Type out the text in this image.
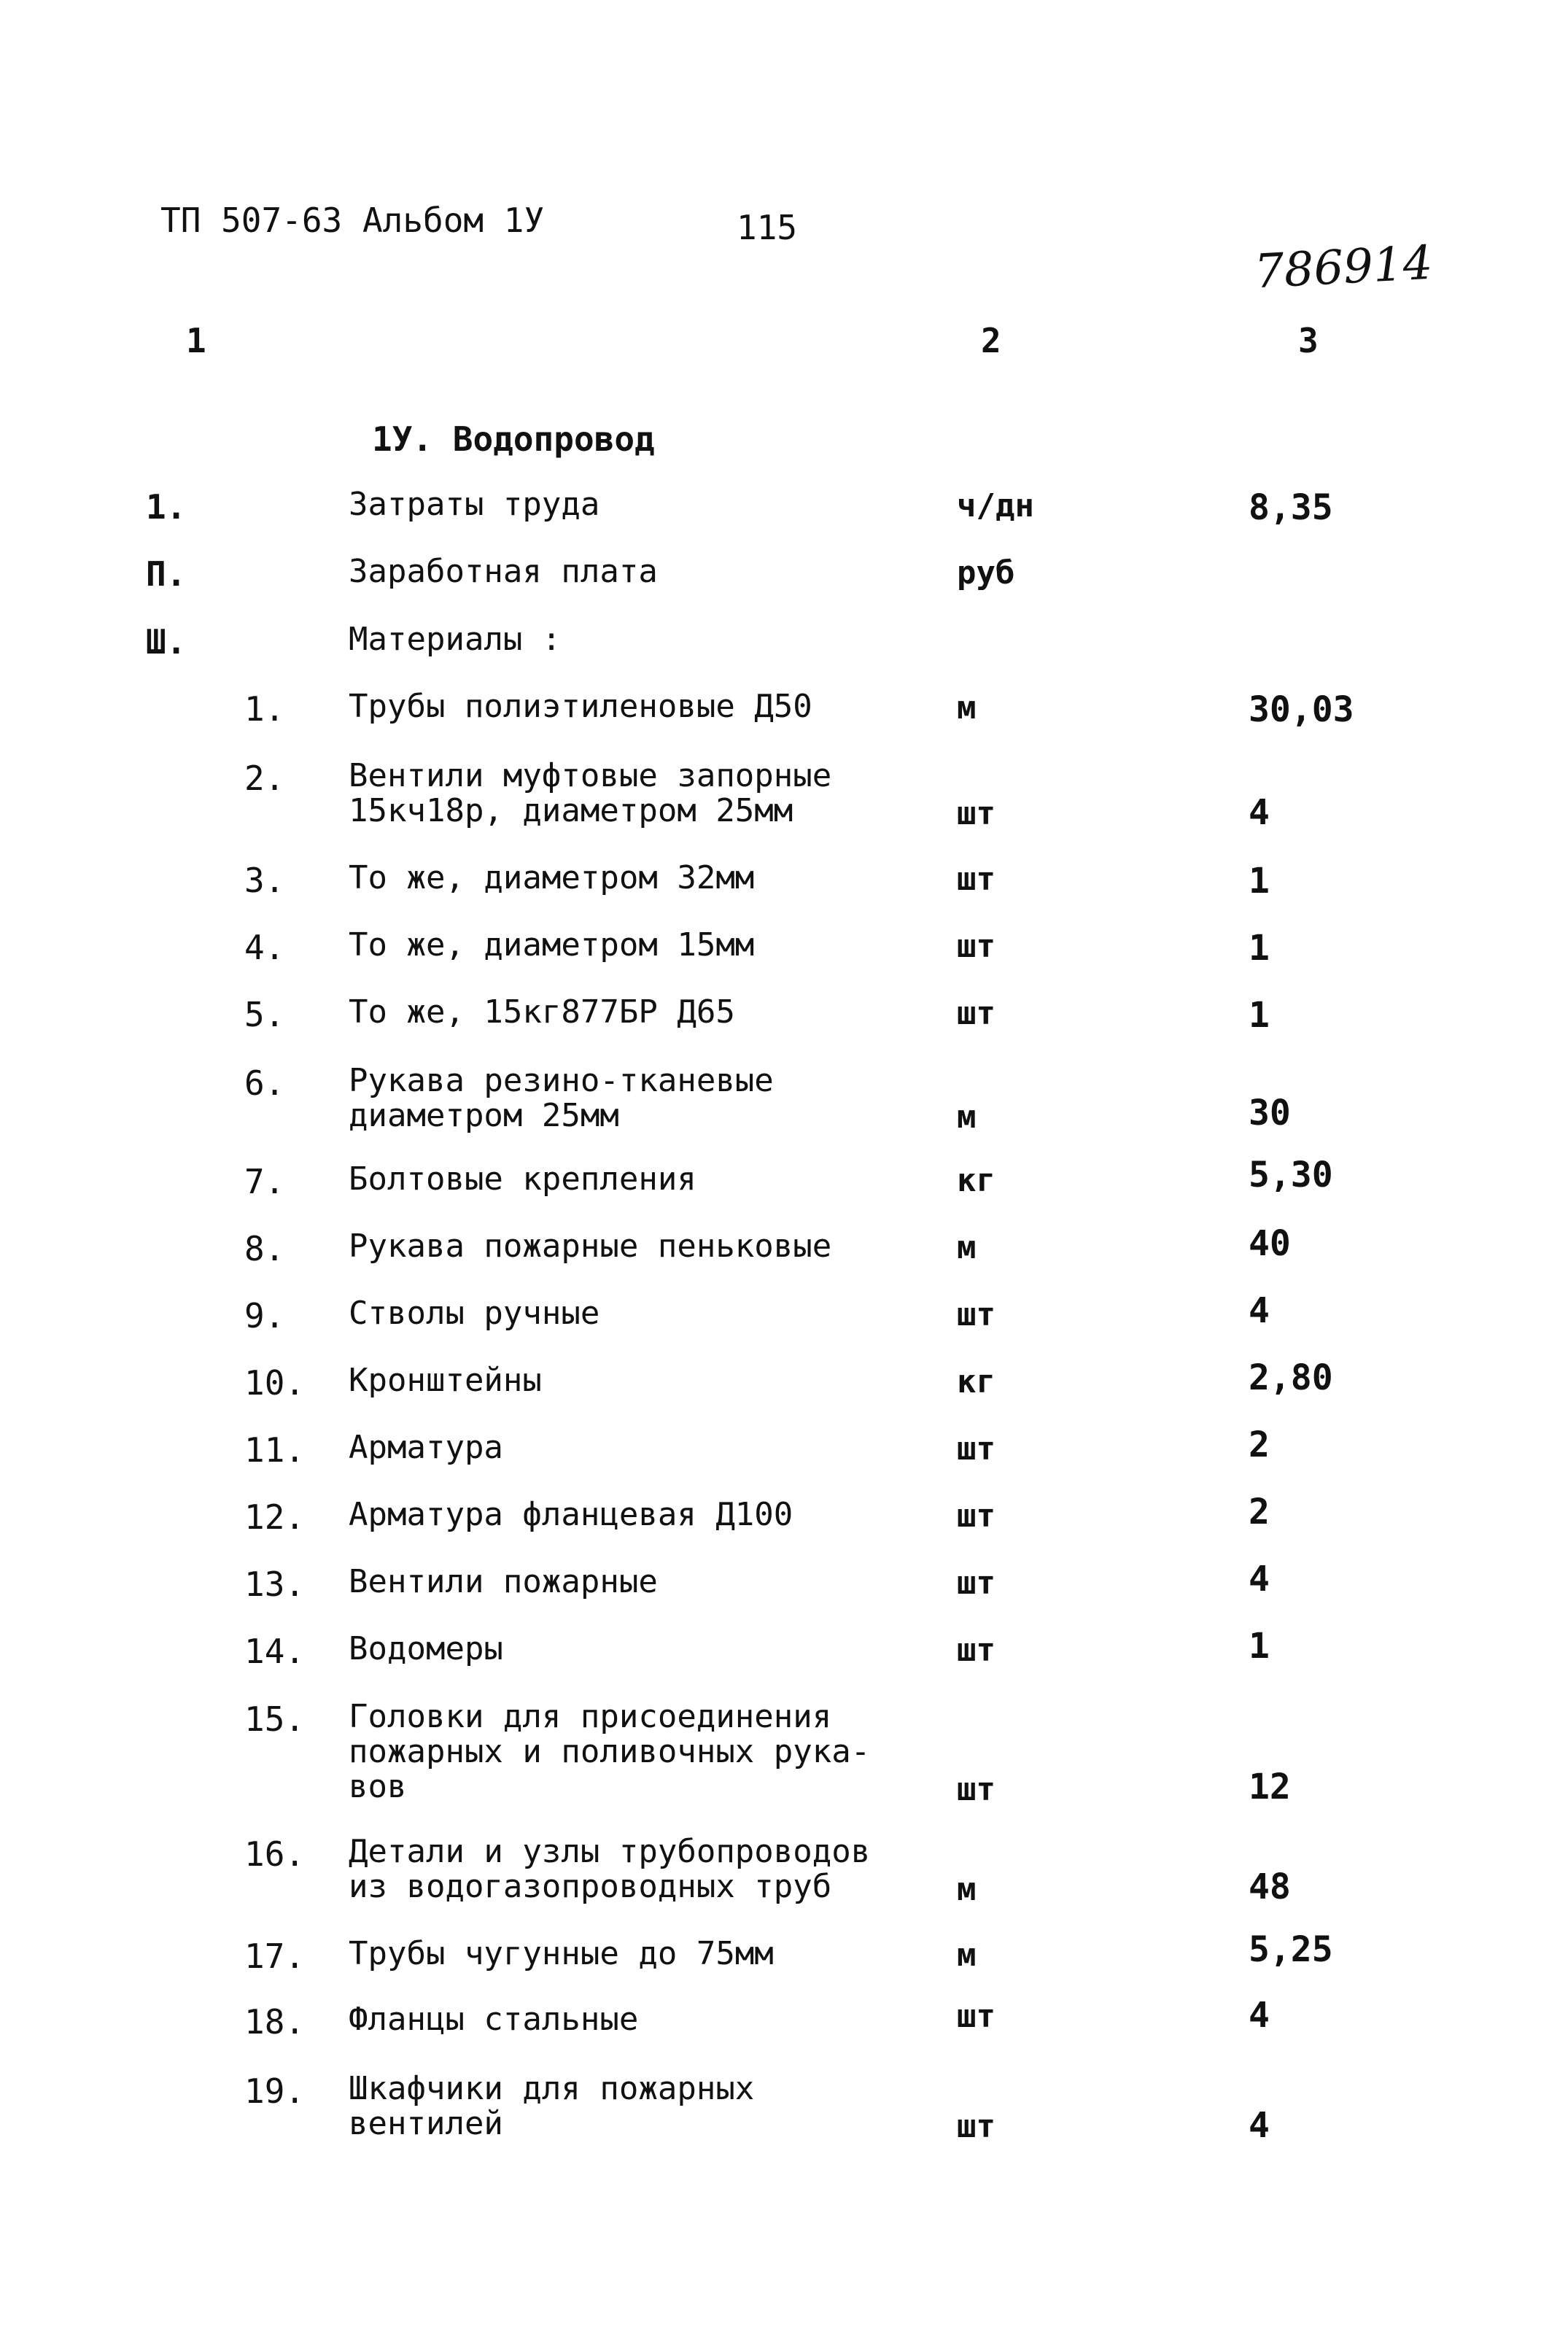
ТП 507-63 Альбом 1У	115
786914
1	2	3
1У. Водопровод
1.	Затраты труда	ч/дн	8,35
П.	Заработная плата	руб
Ш.	Материалы :
1. Трубы полиэтиленовые Д50	м	30,03
2. Вентили муфтовые запорные
15кч18р, диаметром 25мм	шт	4
3. То же, диаметром 32мм	шт	1
4. То же, диаметром 15мм	шт	1
5. То же, 15кг877БР Д65	шт	1
6. Рукава резино-тканевые
диаметром 25мм	м	30
7. Болтовые крепления	кг	5,30
8. Рукава пожарные пеньковые	м	40
9. Стволы ручные	шт	4
10. Кронштейны	кг	2,80
11. Арматура	шт	2
12. Арматура фланцевая Д100	шт	2
13. Вентили пожарные	шт	4
14. Водомеры	шт	1
15. Головки для присоединения
пожарных и поливочных рука-
вов	шт	12
16. Детали и узлы трубопроводов
из водогазопроводных труб	м	48
17. Трубы чугунные до 75мм	м	5,25
18. Фланцы стальные	шт	4
19. Шкафчики для пожарных
вентилей	шт	4
